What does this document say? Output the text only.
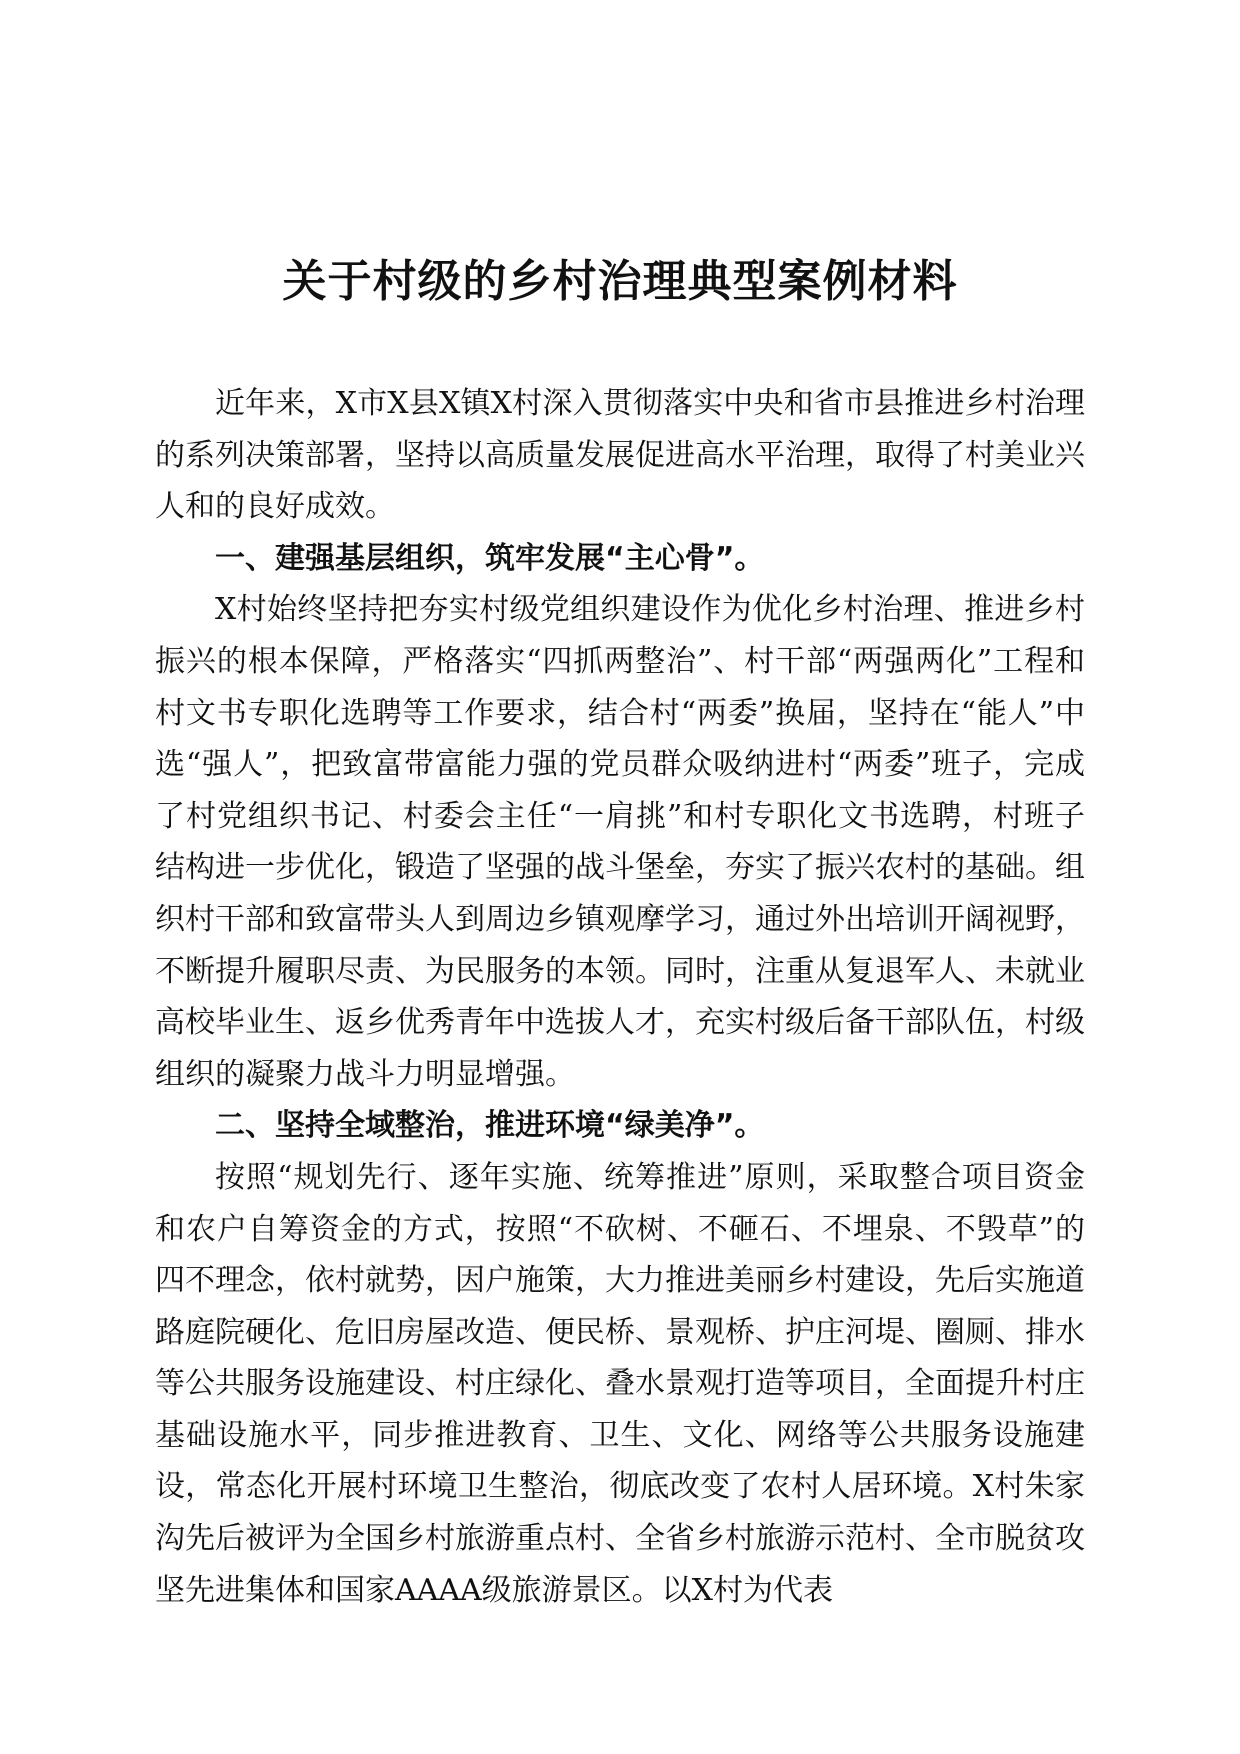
关于村级的乡村治理典型案例材料

近年来，X市X县X镇X村深入贯彻落实中央和省市县推进乡村治理的系列决策部署，坚持以高质量发展促进高水平治理，取得了村美业兴人和的良好成效。

一、建强基层组织，筑牢发展“主心骨”。

X村始终坚持把夯实村级党组织建设作为优化乡村治理、推进乡村振兴的根本保障，严格落实“四抓两整治”、村干部“两强两化”工程和村文书专职化选聘等工作要求，结合村“两委”换届，坚持在“能人”中选“强人”，把致富带富能力强的党员群众吸纳进村“两委”班子，完成了村党组织书记、村委会主任“一肩挑”和村专职化文书选聘，村班子结构进一步优化，锻造了坚强的战斗堡垒，夯实了振兴农村的基础。组织村干部和致富带头人到周边乡镇观摩学习，通过外出培训开阔视野，不断提升履职尽责、为民服务的本领。同时，注重从复退军人、未就业高校毕业生、返乡优秀青年中选拔人才，充实村级后备干部队伍，村级组织的凝聚力战斗力明显增强。

二、坚持全域整治，推进环境“绿美净”。

按照“规划先行、逐年实施、统筹推进”原则，采取整合项目资金和农户自筹资金的方式，按照“不砍树、不砸石、不埋泉、不毁草”的四不理念，依村就势，因户施策，大力推进美丽乡村建设，先后实施道路庭院硬化、危旧房屋改造、便民桥、景观桥、护庄河堤、圈厕、排水等公共服务设施建设、村庄绿化、叠水景观打造等项目，全面提升村庄基础设施水平，同步推进教育、卫生、文化、网络等公共服务设施建设，常态化开展村环境卫生整治，彻底改变了农村人居环境。X村朱家沟先后被评为全国乡村旅游重点村、全省乡村旅游示范村、全市脱贫攻坚先进集体和国家AAAA级旅游景区。以X村为代表
